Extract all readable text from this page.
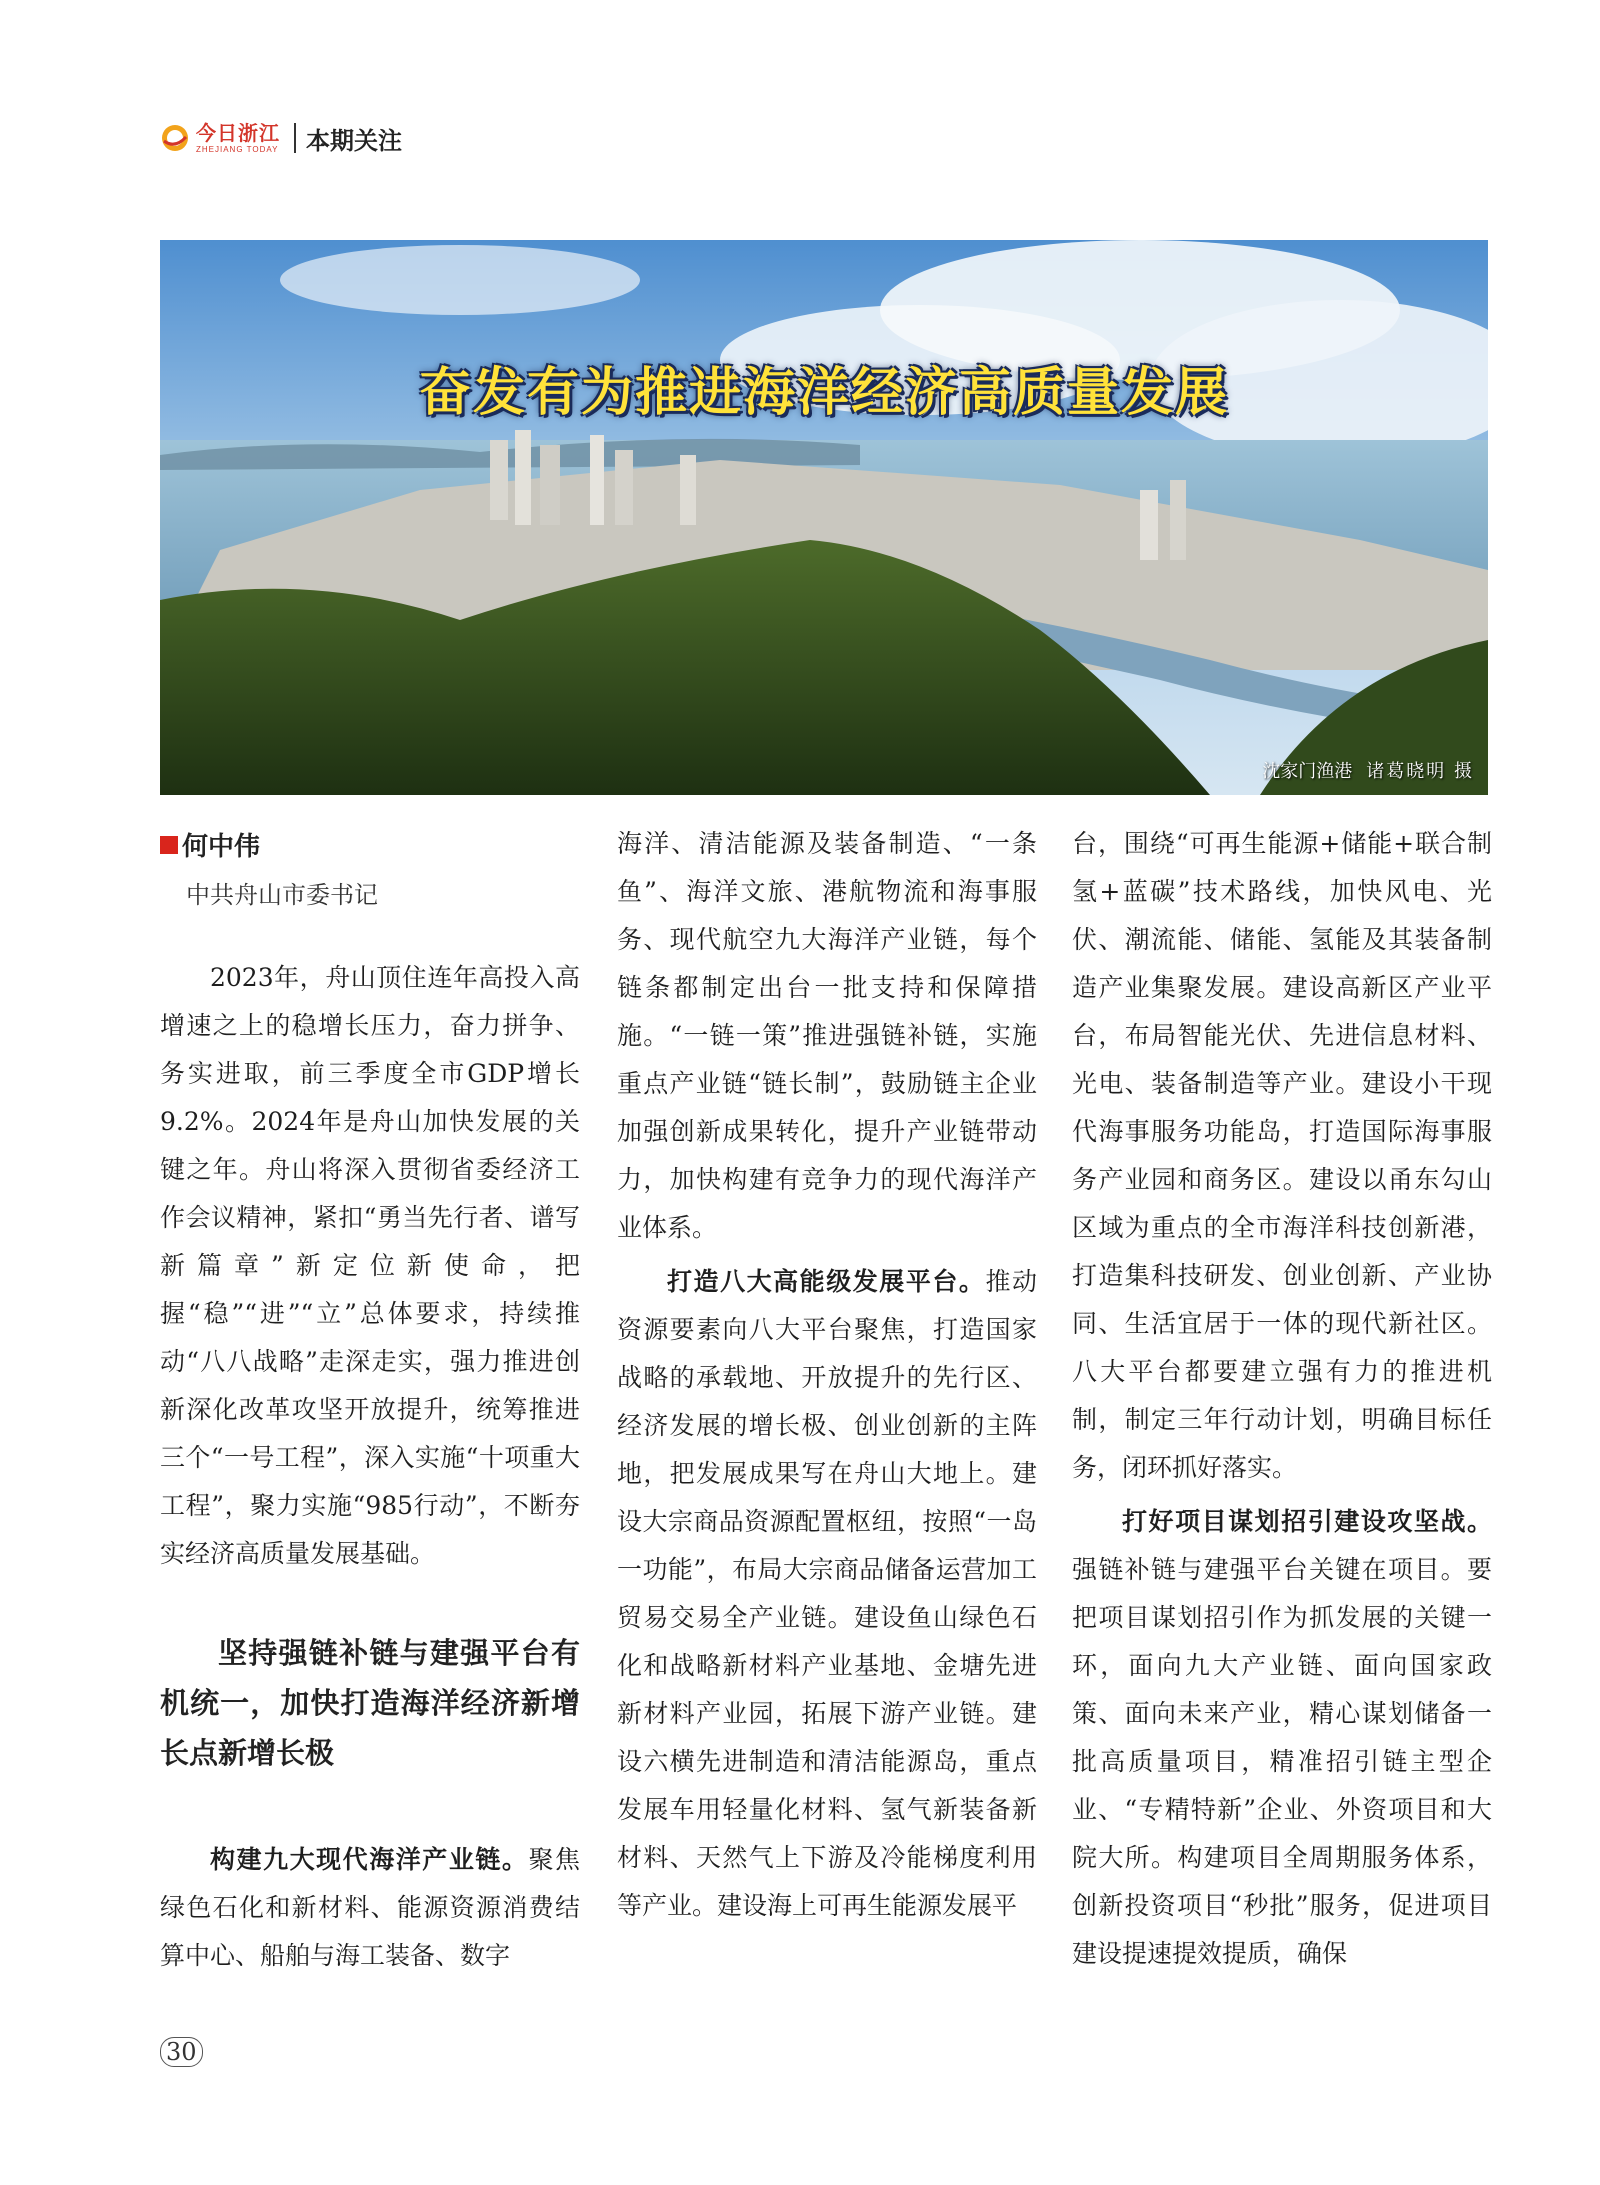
今日浙江
ZHEJIANG TODAY 本期关注
奋发有为推进海洋经济高质量发展
沈家门渔港 诸葛晓明 摄
何中伟
中共舟山市委书记

2023年，舟山顶住连年高投入高增速之上的稳增长压力，奋力拼争、务实进取，前三季度全市GDP增长9.2%。2024年是舟山加快发展的关键之年。舟山将深入贯彻省委经济工作会议精神，紧扣“勇当先行者、谱写新篇章”新定位新使命，把握“稳”“进”“立”总体要求，持续推动“八八战略”走深走实，强力推进创新深化改革攻坚开放提升，统筹推进三个“一号工程”，深入实施“十项重大工程”，聚力实施“985行动”，不断夯实经济高质量发展基础。

坚持强链补链与建强平台有机统一，加快打造海洋经济新增长点新增长极

构建九大现代海洋产业链。聚焦绿色石化和新材料、能源资源消费结算中心、船舶与海工装备、数字

海洋、清洁能源及装备制造、“一条鱼”、海洋文旅、港航物流和海事服务、现代航空九大海洋产业链，每个链条都制定出台一批支持和保障措施。“一链一策”推进强链补链，实施重点产业链“链长制”，鼓励链主企业加强创新成果转化，提升产业链带动力，加快构建有竞争力的现代海洋产业体系。

打造八大高能级发展平台。推动资源要素向八大平台聚焦，打造国家战略的承载地、开放提升的先行区、经济发展的增长极、创业创新的主阵地，把发展成果写在舟山大地上。建设大宗商品资源配置枢纽，按照“一岛一功能”，布局大宗商品储备运营加工贸易交易全产业链。建设鱼山绿色石化和战略新材料产业基地、金塘先进新材料产业园，拓展下游产业链。建设六横先进制造和清洁能源岛，重点发展车用轻量化材料、氢气新装备新材料、天然气上下游及冷能梯度利用等产业。建设海上可再生能源发展平

台，围绕“可再生能源+储能+联合制氢+蓝碳”技术路线，加快风电、光伏、潮流能、储能、氢能及其装备制造产业集聚发展。建设高新区产业平台，布局智能光伏、先进信息材料、光电、装备制造等产业。建设小干现代海事服务功能岛，打造国际海事服务产业园和商务区。建设以甬东勾山区域为重点的全市海洋科技创新港，打造集科技研发、创业创新、产业协同、生活宜居于一体的现代新社区。八大平台都要建立强有力的推进机制，制定三年行动计划，明确目标任务，闭环抓好落实。

打好项目谋划招引建设攻坚战。强链补链与建强平台关键在项目。要把项目谋划招引作为抓发展的关键一环，面向九大产业链、面向国家政策、面向未来产业，精心谋划储备一批高质量项目，精准招引链主型企业、“专精特新”企业、外资项目和大院大所。构建项目全周期服务体系，创新投资项目“秒批”服务，促进项目建设提速提效提质，确保

30
